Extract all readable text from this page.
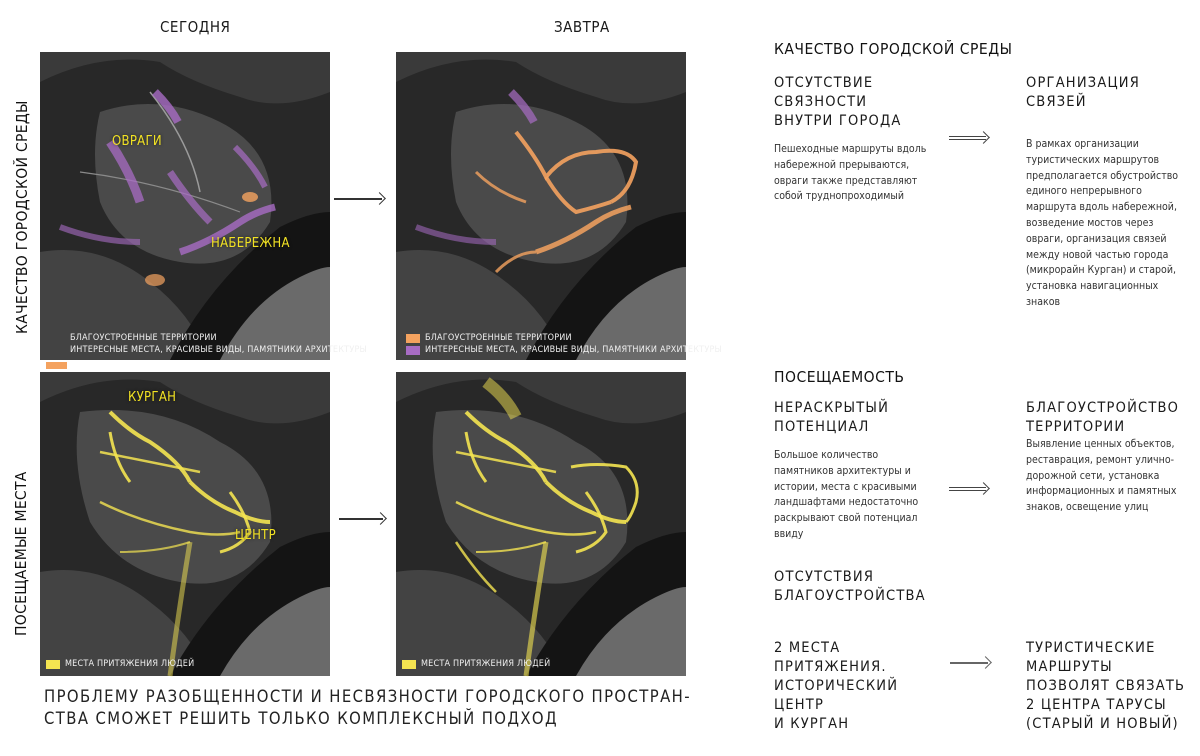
СЕГОДНЯ	ЗАВТРА
КАЧЕСТВО ГОРОДСКОЙ СРЕДЫ
ПОСЕЩАЕМЫЕ МЕСТА
ОВРАГИ
НАБЕРЕЖНА
БЛАГОУСТРОЕННЫЕ ТЕРРИТОРИИ
ИНТЕРЕСНЫЕ МЕСТА, КРАСИВЫЕ ВИДЫ, ПАМЯТНИКИ АРХИТЕКТУРЫ
БЛАГОУСТРОЕННЫЕ ТЕРРИТОРИИ
ИНТЕРЕСНЫЕ МЕСТА, КРАСИВЫЕ ВИДЫ, ПАМЯТНИКИ АРХИТЕКТУРЫ
КУРГАН
ЦЕНТР
МЕСТА ПРИТЯЖЕНИЯ ЛЮДЕЙ	МЕСТА ПРИТЯЖЕНИЯ ЛЮДЕЙ
ПРОБЛЕМУ РАЗОБЩЕННОСТИ И НЕСВЯЗНОСТИ ГОРОДСКОГО ПРОСТРАН-
СТВА СМОЖЕТ РЕШИТЬ ТОЛЬКО КОМПЛЕКСНЫЙ ПОДХОД
КАЧЕСТВО ГОРОДСКОЙ СРЕДЫ
ОТСУТСТВИЕ
СВЯЗНОСТИ
ВНУТРИ ГОРОДА
Пешеходные маршруты вдоль
набережной прерываются,
овраги также представляют
собой труднопроходимый
ОРГАНИЗАЦИЯ
СВЯЗЕЙ
В рамках организации
туристических маршрутов
предполагается обустройство
единого непрерывного
маршрута вдоль набережной,
возведение мостов через
овраги, организация связей
между новой частью города
(микрорайн Курган) и старой,
установка навигационных
знаков
ПОСЕЩАЕМОСТЬ
НЕРАСКРЫТЫЙ
ПОТЕНЦИАЛ
Большое количество
памятников архитектуры и
истории, места с красивыми
ландшафтами недостаточно
раскрывают свой потенциал
ввиду
БЛАГОУСТРОЙСТВО
ТЕРРИТОРИИ
Выявление ценных объектов,
реставрация, ремонт улично-
дорожной сети, установка
информационных и памятных
знаков, освещение улиц
ОТСУТСТВИЯ
БЛАГОУСТРОЙСТВА
2 МЕСТА
ПРИТЯЖЕНИЯ.
ИСТОРИЧЕСКИЙ
ЦЕНТР
И КУРГАН
ТУРИСТИЧЕСКИЕ
МАРШРУТЫ
ПОЗВОЛЯТ СВЯЗАТЬ
2 ЦЕНТРА ТАРУСЫ
(СТАРЫЙ И НОВЫЙ)
